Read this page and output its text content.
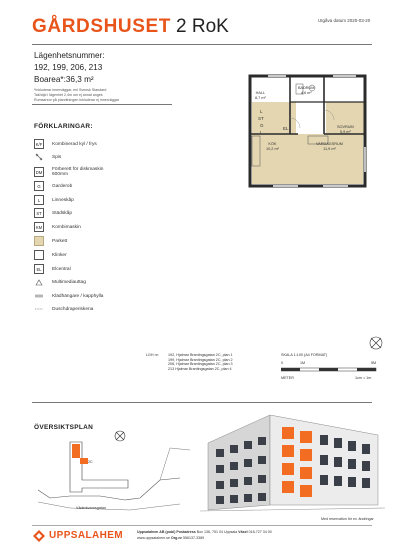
GÅRDSHUSET 2 RoK	Utgåva datum 2020-03-20
Lägenhetsnummer:
192, 199, 206, 213
Boarea*:36,3 m²
*Inkluderar innerväggar, enl Svensk Standard
Takhöjd i lägenhet 2,4m om ej annat anges
Rumsareor på planritningen inkluderar ej innerväggar
FÖRKLARINGAR:
K/F	Kombinerad kyl / frys
Spis
DM	Förberett för diskmaskin
600mm
G	Garderob
L	Linneskåp
ST	Städskåp
KM	Kombimaskin
Parkett
Klinker
EL	Elcentral
Multimediauttag
Klädhängare / kapphylla
Duschdraperiskena
HALL
8,7 m²
BADRUM
4,6 m²
SOVRUM
5,9 m²
KÖK
10,2 m²
VARDAGSRUM
11,9 m²
L
ST
G
L
EL
LGH nr: 192, Hjalmar Brantingsgatan 2C, plan 1
199, Hjalmar Brantingsgatan 2C, plan 2
206, Hjalmar Brantingsgatan 2C, plan 3
213 Hjalmar Brantingsgatan 2C, plan 4
SKALA 1:100 (A4 FORMAT)
0	1M	5M
METER	1cm = 1m
ÖVERSIKTSPLAN
2C
Väderkvarnsgatan
Med reservation för ev. ändringar
UPPSALAHEM	Uppsalahem AB (publ) Postadress Box 136, 751 04 Uppsala Växel 018-727 34 00
www.uppsalahem.se Org.nr 556137-3389
